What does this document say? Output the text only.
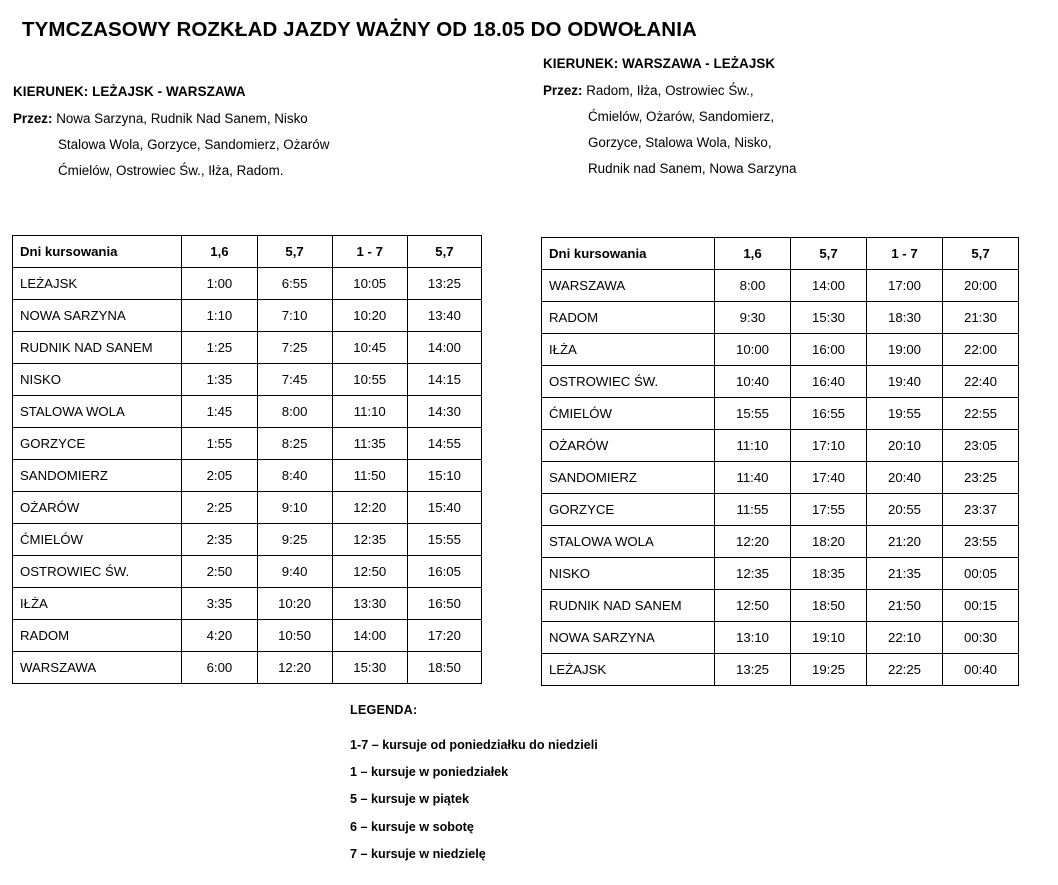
TYMCZASOWY ROZKŁAD JAZDY WAŻNY OD 18.05 DO ODWOŁANIA
KIERUNEK: LEŻAJSK - WARSZAWA
Przez: Nowa Sarzyna, Rudnik Nad Sanem, Nisko
Stalowa Wola, Gorzyce, Sandomierz, Ożarów
Ćmielów, Ostrowiec Św., Iłża, Radom.
KIERUNEK: WARSZAWA - LEŻAJSK
Przez: Radom, Iłża, Ostrowiec Św.,
Ćmielów, Ożarów, Sandomierz,
Gorzyce, Stalowa Wola, Nisko,
Rudnik nad Sanem, Nowa Sarzyna
Dni kursowania	1,6	5,7	1 - 7	5,7
LEŻAJSK	1:00	6:55	10:05	13:25
NOWA SARZYNA	1:10	7:10	10:20	13:40
RUDNIK NAD SANEM	1:25	7:25	10:45	14:00
NISKO	1:35	7:45	10:55	14:15
STALOWA WOLA	1:45	8:00	11:10	14:30
GORZYCE	1:55	8:25	11:35	14:55
SANDOMIERZ	2:05	8:40	11:50	15:10
OŻARÓW	2:25	9:10	12:20	15:40
ĆMIELÓW	2:35	9:25	12:35	15:55
OSTROWIEC ŚW.	2:50	9:40	12:50	16:05
IŁŻA	3:35	10:20	13:30	16:50
RADOM	4:20	10:50	14:00	17:20
WARSZAWA	6:00	12:20	15:30	18:50
Dni kursowania	1,6	5,7	1 - 7	5,7
WARSZAWA	8:00	14:00	17:00	20:00
RADOM	9:30	15:30	18:30	21:30
IŁŻA	10:00	16:00	19:00	22:00
OSTROWIEC ŚW.	10:40	16:40	19:40	22:40
ĆMIELÓW	15:55	16:55	19:55	22:55
OŻARÓW	11:10	17:10	20:10	23:05
SANDOMIERZ	11:40	17:40	20:40	23:25
GORZYCE	11:55	17:55	20:55	23:37
STALOWA WOLA	12:20	18:20	21:20	23:55
NISKO	12:35	18:35	21:35	00:05
RUDNIK NAD SANEM	12:50	18:50	21:50	00:15
NOWA SARZYNA	13:10	19:10	22:10	00:30
LEŻAJSK	13:25	19:25	22:25	00:40
LEGENDA:
1-7 – kursuje od poniedziałku do niedzieli
1 – kursuje w poniedziałek
5 – kursuje w piątek
6 – kursuje w sobotę
7 – kursuje w niedzielę
